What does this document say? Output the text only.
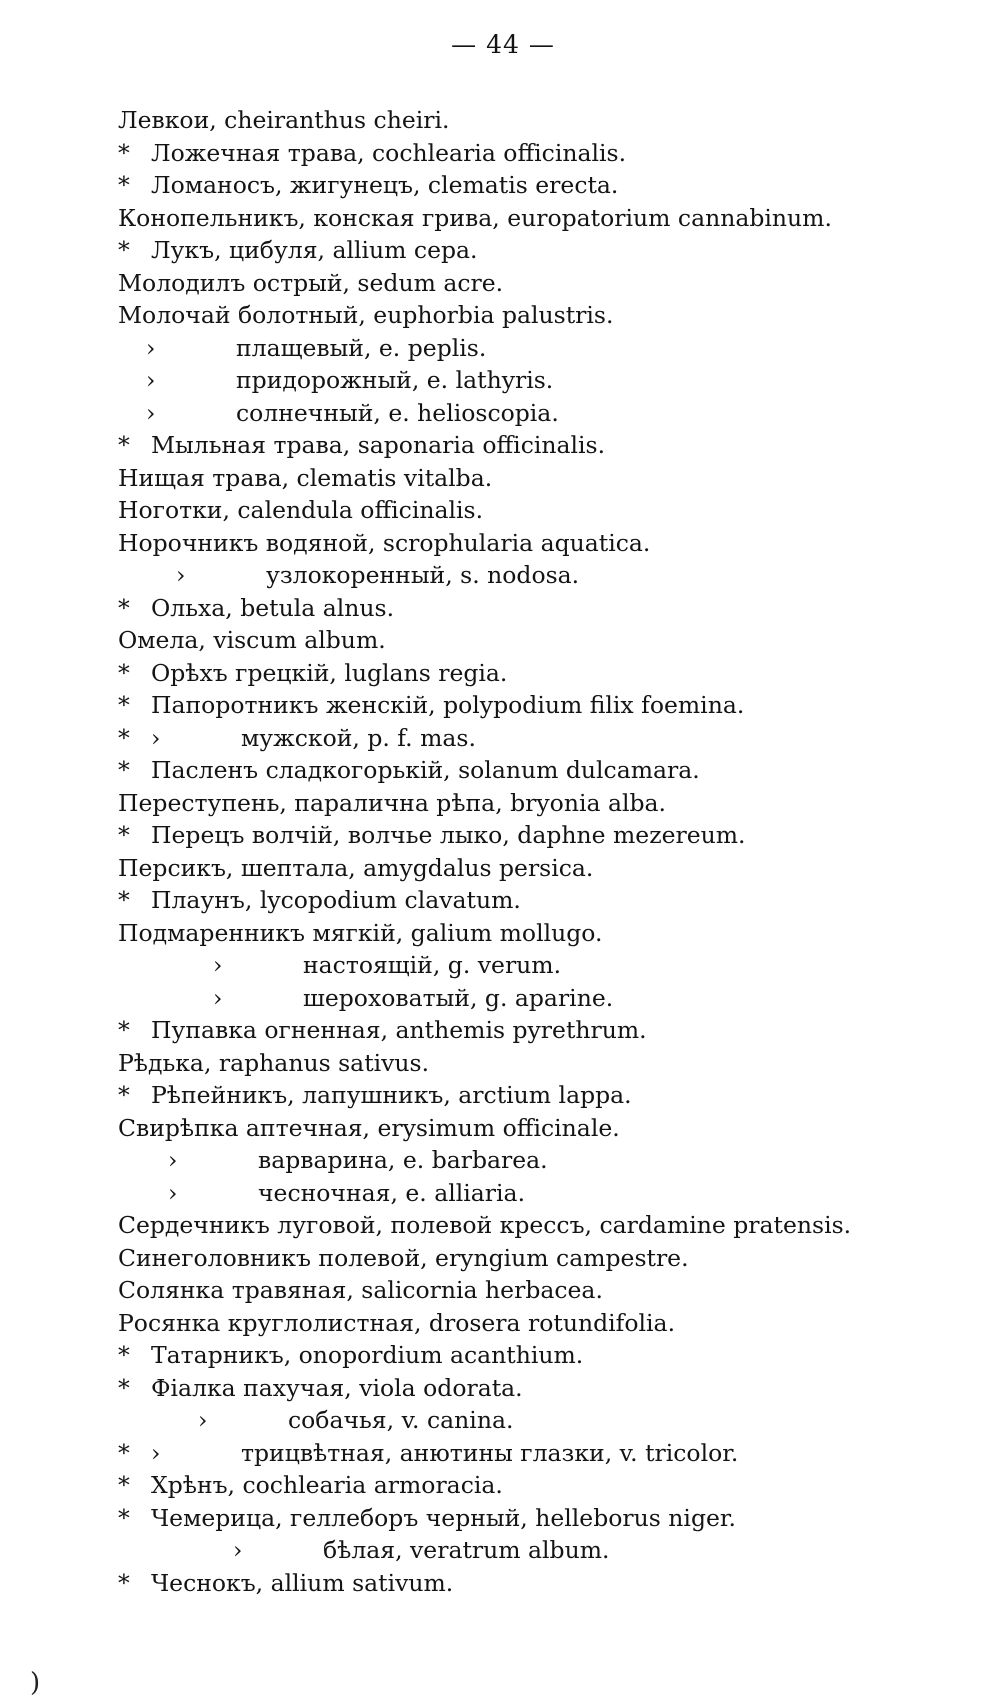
— 44 —
Левкои, cheiranthus cheiri.
* Ложечная трава, cochlearia officinalis.
* Ломаносъ, жигунецъ, clematis erecta.
Конопельникъ, конская грива, europatorium cannabinum.
* Лукъ, цибуля, allium cepa.
Молодилъ острый, sedum acre.
Молочай болотный, euphorbia palustris.
›	плащевый, e. peplis.
›	придорожный, e. lathyris.
›	солнечный, e. helioscopia.
* Мыльная трава, saponaria officinalis.
Нищая трава, clematis vitalba.
Ноготки, calendula officinalis.
Норочникъ водяной, scrophularia aquatica.
›	узлокоренный, s. nodosa.
* Ольха, betula alnus.
Омела, viscum album.
* Орѣхъ грецкій, luglans regia.
* Папоротникъ женскій, polypodium filix foemina.
* ›	мужской, p. f. mas.
* Пасленъ сладкогорькій, solanum dulcamara.
Переступень, паралична рѣпа, bryonia alba.
* Перецъ волчій, волчье лыко, daphne mezereum.
Персикъ, шептала, amygdalus persica.
* Плаунъ, lycopodium clavatum.
Подмаренникъ мягкій, galium mollugo.
›	настоящій, g. verum.
›	шероховатый, g. aparine.
* Пупавка огненная, anthemis pyrethrum.
Рѣдька, raphanus sativus.
* Рѣпейникъ, лапушникъ, arctium lappa.
Свирѣпка аптечная, erysimum officinale.
›	варварина, e. barbarea.
›	чесночная, e. alliaria.
Сердечникъ луговой, полевой крессъ, cardamine pratensis.
Синеголовникъ полевой, eryngium campestre.
Солянка травяная, salicornia herbacea.
Росянка круглолистная, drosera rotundifolia.
* Татарникъ, onopordium acanthium.
* Фіалка пахучая, viola odorata.
›	собачья, v. canina.
* ›	трицвѣтная, анютины глазки, v. tricolor.
* Хрѣнъ, cochlearia armoracia.
* Чемерица, геллеборъ черный, helleborus niger.
›	бѣлая, veratrum album.
* Чеснокъ, allium sativum.
)
